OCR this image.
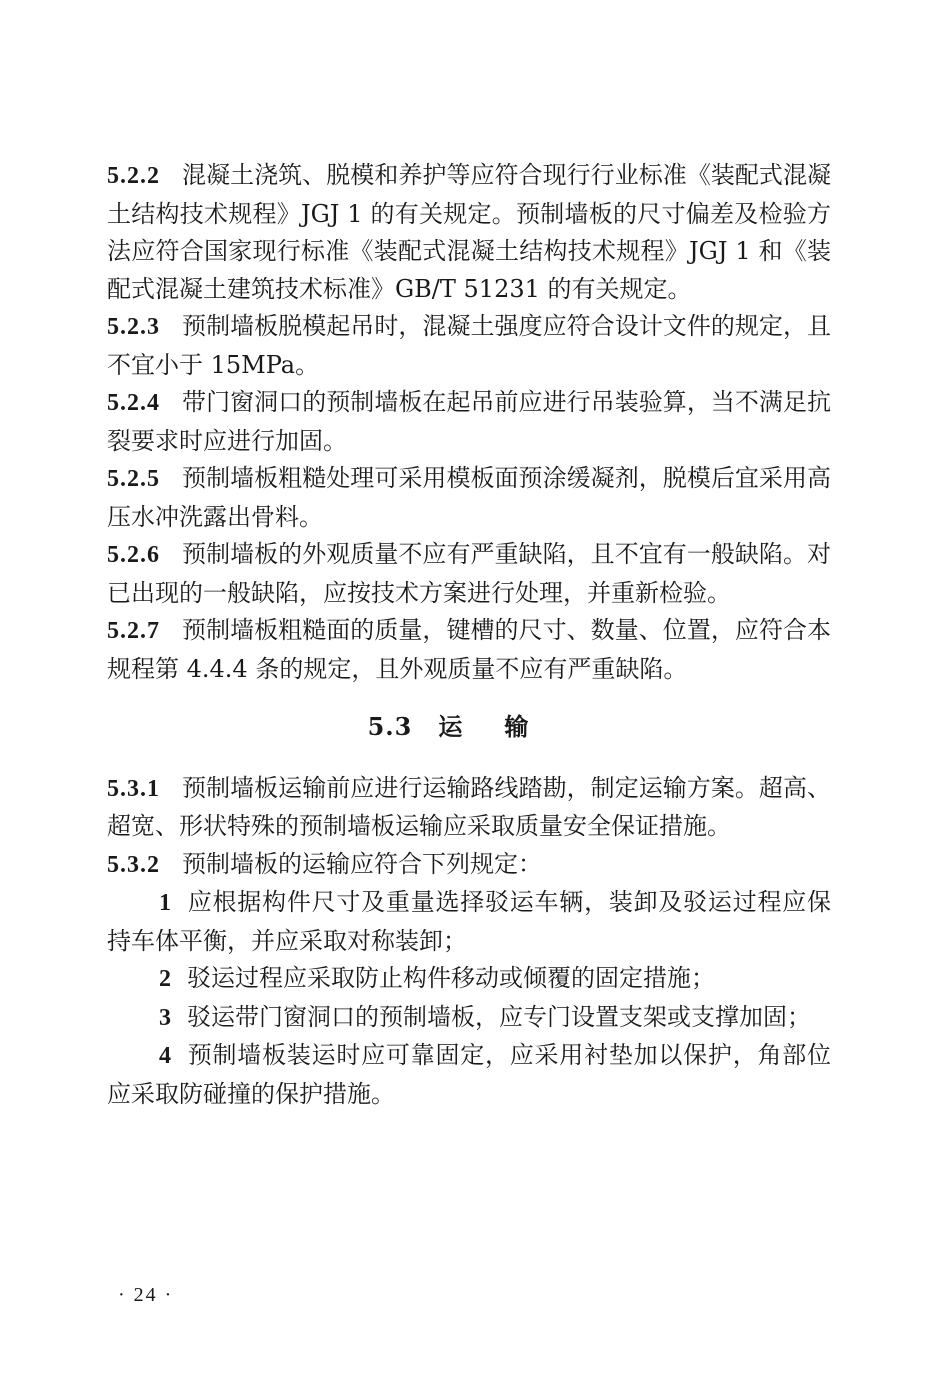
5.2.2 混凝土浇筑、脱模和养护等应符合现行行业标准《装配式混凝土结构技术规程》JGJ 1 的有关规定。预制墙板的尺寸偏差及检验方法应符合国家现行标准《装配式混凝土结构技术规程》JGJ 1 和《装配式混凝土建筑技术标准》GB/T 51231 的有关规定。

5.2.3 预制墙板脱模起吊时，混凝土强度应符合设计文件的规定，且不宜小于 15MPa。

5.2.4 带门窗洞口的预制墙板在起吊前应进行吊装验算，当不满足抗裂要求时应进行加固。

5.2.5 预制墙板粗糙处理可采用模板面预涂缓凝剂，脱模后宜采用高压水冲洗露出骨料。

5.2.6 预制墙板的外观质量不应有严重缺陷，且不宜有一般缺陷。对已出现的一般缺陷，应按技术方案进行处理，并重新检验。

5.2.7 预制墙板粗糙面的质量，键槽的尺寸、数量、位置，应符合本规程第 4.4.4 条的规定，且外观质量不应有严重缺陷。

5.3 运输

5.3.1 预制墙板运输前应进行运输路线踏勘，制定运输方案。超高、超宽、形状特殊的预制墙板运输应采取质量安全保证措施。

5.3.2 预制墙板的运输应符合下列规定：

1 应根据构件尺寸及重量选择驳运车辆，装卸及驳运过程应保持车体平衡，并应采取对称装卸；

2 驳运过程应采取防止构件移动或倾覆的固定措施；

3 驳运带门窗洞口的预制墙板，应专门设置支架或支撑加固；

4 预制墙板装运时应可靠固定，应采用衬垫加以保护，角部位应采取防碰撞的保护措施。

· 24 ·
